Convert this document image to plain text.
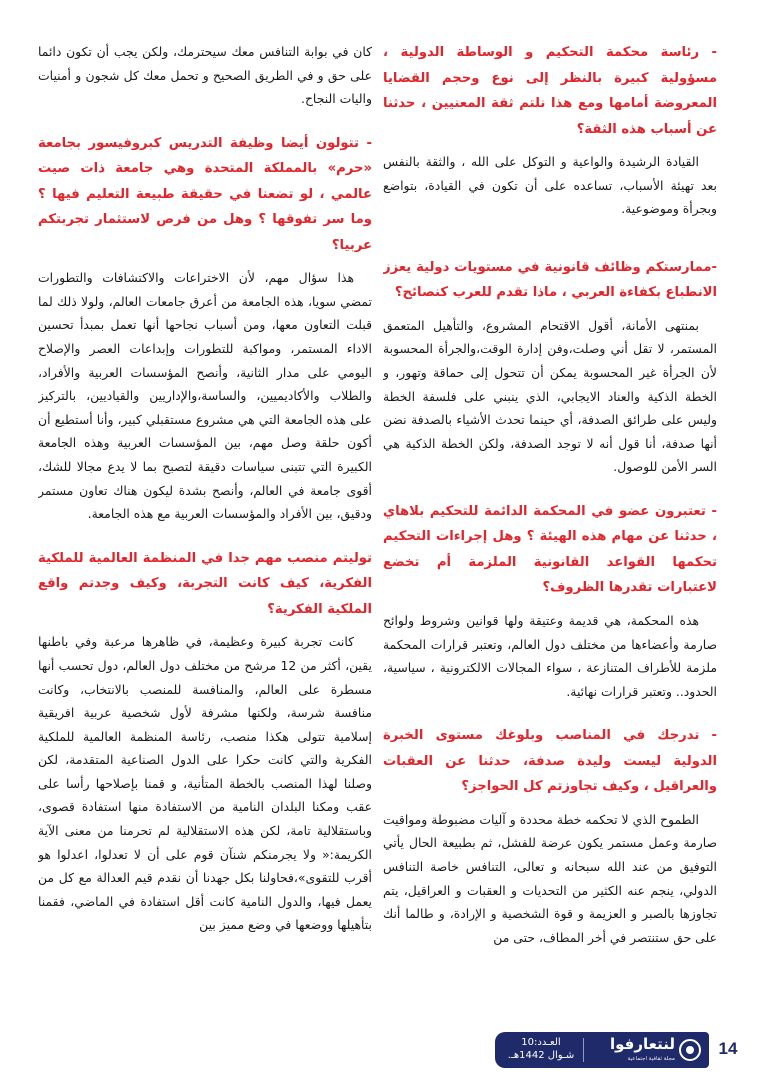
- رئاسة محكمة التحكيم و الوساطة الدولية ، مسؤولية كبيرة بالنظر إلى نوع وحجم القضايا المعروضة أمامها ومع هذا نلتم ثقة المعنيين ، حدثنا عن أسباب هذه الثقة؟

القيادة الرشيدة والواعية و التوكل على الله ، والثقة بالنفس بعد تهيئة الأسباب، تساعده على أن تكون في القيادة، بتواضع وبجرأة وموضوعية.

-ممارستكم وظائف قانونية في مستويات دولية يعزز الانطباع بكفاءة العربي ، ماذا تقدم للعرب كنصائح؟

بمنتهى الأمانة، أقول الاقتحام المشروع، والتأهيل المتعمق المستمر، لا تقل أني وصلت،وفن إدارة الوقت،والجرأة المحسوبة لأن الجرأة غير المحسوبة يمكن أن تتحول إلى حماقة وتهور، و الخطة الذكية والعناد الايجابي، الذي ينبني على فلسفة الخطة وليس على طرائق الصدفة، أي حينما تحدث الأشياء بالصدفة نضن أنها صدفة، أنا قول أنه لا توجد الصدفة، ولكن الخطة الذكية هي السر الأمن للوصول.

- تعتبرون عضو في المحكمة الدائمة للتحكيم بلاهاي ، حدثنا عن مهام هذه الهيئة ؟ وهل إجراءات التحكيم تحكمها القواعد القانونية الملزمة أم تخضع لاعتبارات تقدرها الظروف؟

هذه المحكمة، هي قديمة وعتيقة ولها قوانين وشروط ولوائح صارمة وأعضاءها من مختلف دول العالم، وتعتبر قرارات المحكمة ملزمة للأطراف المتنازعة ، سواء المجالات الالكترونية ، سياسية، الحدود.. وتعتبر قرارات نهائية.

- تدرجك في المناصب وبلوغك مستوى الخبرة الدولية ليست وليدة صدفة، حدثنا عن العقبات والعراقيل ، وكيف تجاوزتم كل الحواجز؟

الطموح الذي لا تحكمه خطة محددة و آليات مضبوطة ومواقيت صارمة وعمل مستمر يكون عرضة للفشل، ثم بطبيعة الحال يأتي التوفيق من عند الله سبحانه و تعالى، التنافس خاصة التنافس الدولي، ينجم عنه الكثير من التحديات و العقبات و العراقيل، يتم تجاوزها بالصبر و العزيمة و قوة الشخصية و الإرادة، و طالما أنك على حق ستنتصر في أخر المطاف، حتى من

كان في بوابة التنافس معك سيحترمك، ولكن يجب أن تكون دائما على حق و في الطريق الصحيح و تحمل معك كل شجون و أمنيات واليات النجاح.

- تتولون أيضا وظيفة التدريس كبروفيسور بجامعة «حرم» بالمملكة المتحدة وهي جامعة ذات صيت عالمي ، لو تضعنا في حقيقة طبيعة التعليم فيها ؟ وما سر تفوقها ؟ وهل من فرص لاستثمار تجربتكم عربيا؟

هذا سؤال مهم، لأن الاختراعات والاكتشافات والتطورات تمضي سويا، هذه الجامعة من أعرق جامعات العالم، ولولا ذلك لما قبلت التعاون معها، ومن أسباب نجاحها أنها تعمل بمبدأ تحسين الاداء المستمر، ومواكبة للتطورات وإبداعات العصر والإصلاح اليومي على مدار الثانية، وأنصح المؤسسات العربية والأفراد، والطلاب والأكاديميين، والساسة،والإداريين والقياديين، بالتركيز على هذه الجامعة التي هي مشروع مستقبلي كبير، وأنا أستطيع أن أكون حلقة وصل مهم، بين المؤسسات العربية وهذه الجامعة الكبيرة التي تتبنى سياسات دقيقة لتصبح بما لا يدع مجالا للشك، أقوى جامعة في العالم، وأنصح بشدة ليكون هناك تعاون مستمر ودقيق، بين الأفراد والمؤسسات العربية مع هذه الجامعة.

توليتم منصب مهم جدا في المنظمة العالمية للملكية الفكرية، كيف كانت التجربة، وكيف وجدتم واقع الملكية الفكرية؟

كانت تجربة كبيرة وعظيمة، في ظاهرها مرعبة وفي باطنها يقين، أكثر من 12 مرشح من مختلف دول العالم، دول تحسب أنها مسطرة على العالم، والمنافسة للمنصب بالانتخاب، وكانت منافسة شرسة، ولكنها مشرفة لأول شخصية عربية افريقية إسلامية تتولى هكذا منصب، رئاسة المنظمة العالمية للملكية الفكرية والتي كانت حكرا على الدول الصناعية المتقدمة، لكن وصلنا لهذا المنصب بالخطة المتأنية، و قمنا بإصلاحها رأسا على عقب ومكنا البلدان النامية من الاستفادة منها استفادة قصوى، وباستقلالية تامة، لكن هذه الاستقلالية لم تحرمنا من معنى الآية الكريمة:« ولا يجرمنكم شنآن قوم على أن لا تعدلوا، اعدلوا هو أقرب للتقوى»،فحاولنا بكل جهدنا أن نقدم قيم العدالة مع كل من يعمل فيها، والدول النامية كانت أقل استفادة في الماضي، فقمنا بتأهيلها ووضعها في وضع مميز بين

14
لنتعارفوا
مجلة ثقافية اجتماعية
العـدد:10
شـوال 1442هـ.
